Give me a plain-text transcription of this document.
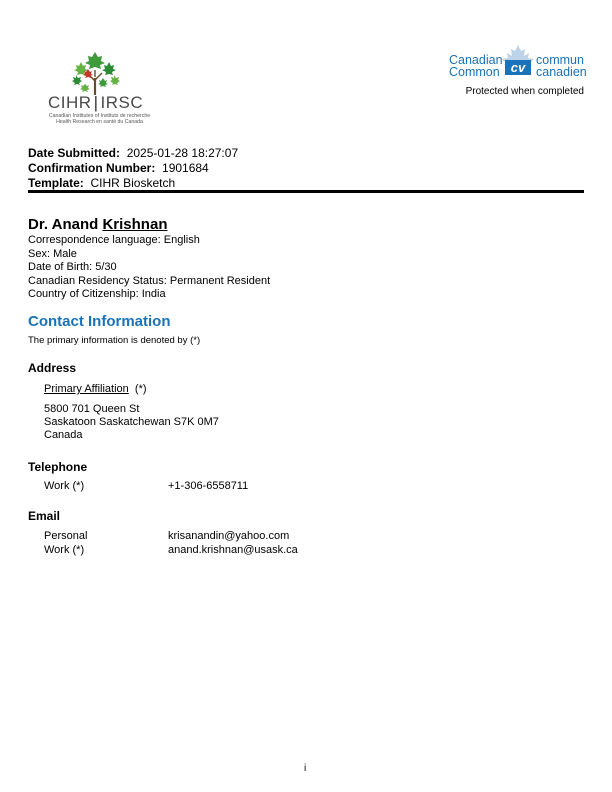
CIHR | IRSC
Canadian Institutes of Instituts de recherche
Health Research en santé du Canada
Canadian
Common cv commun
canadien
Protected when completed
Date Submitted: 2025-01-28 18:27:07
Confirmation Number: 1901684
Template: CIHR Biosketch
Dr. Anand Krishnan
Correspondence language: English
Sex: Male
Date of Birth: 5/30
Canadian Residency Status: Permanent Resident
Country of Citizenship: India
Contact Information
The primary information is denoted by (*)
Address
Primary Affiliation (*)
5800 701 Queen St
Saskatoon Saskatchewan S7K 0M7
Canada
Telephone
Work (*)	+1-306-6558711
Email
Personal	krisanandin@yahoo.com
Work (*)	anand.krishnan@usask.ca
i
